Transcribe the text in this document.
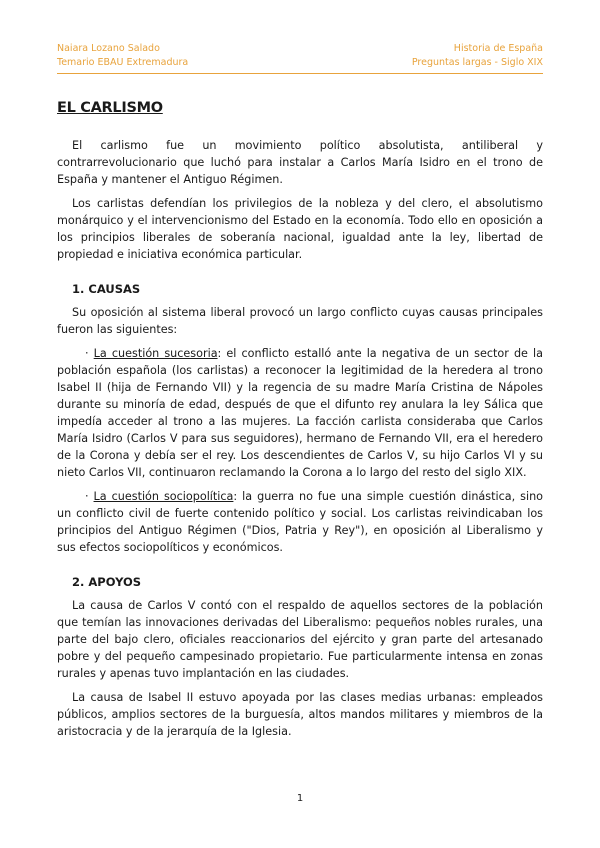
Naiara Lozano Salado
Temario EBAU Extremadura
Historia de España
Preguntas largas - Siglo XIX
EL CARLISMO

El carlismo fue un movimiento político absolutista, antiliberal y contrarrevolucionario que luchó para instalar a Carlos María Isidro en el trono de España y mantener el Antiguo Régimen.

Los carlistas defendían los privilegios de la nobleza y del clero, el absolutismo monárquico y el intervencionismo del Estado en la economía. Todo ello en oposición a los principios liberales de soberanía nacional, igualdad ante la ley, libertad de propiedad e iniciativa económica particular.

1. CAUSAS

Su oposición al sistema liberal provocó un largo conflicto cuyas causas principales fueron las siguientes:

· La cuestión sucesoria: el conflicto estalló ante la negativa de un sector de la población española (los carlistas) a reconocer la legitimidad de la heredera al trono Isabel II (hija de Fernando VII) y la regencia de su madre María Cristina de Nápoles durante su minoría de edad, después de que el difunto rey anulara la ley Sálica que impedía acceder al trono a las mujeres. La facción carlista consideraba que Carlos María Isidro (Carlos V para sus seguidores), hermano de Fernando VII, era el heredero de la Corona y debía ser el rey. Los descendientes de Carlos V, su hijo Carlos VI y su nieto Carlos VII, continuaron reclamando la Corona a lo largo del resto del siglo XIX.

· La cuestión sociopolítica: la guerra no fue una simple cuestión dinástica, sino un conflicto civil de fuerte contenido político y social. Los carlistas reivindicaban los principios del Antiguo Régimen ("Dios, Patria y Rey"), en oposición al Liberalismo y sus efectos sociopolíticos y económicos.

2. APOYOS

La causa de Carlos V contó con el respaldo de aquellos sectores de la población que temían las innovaciones derivadas del Liberalismo: pequeños nobles rurales, una parte del bajo clero, oficiales reaccionarios del ejército y gran parte del artesanado pobre y del pequeño campesinado propietario. Fue particularmente intensa en zonas rurales y apenas tuvo implantación en las ciudades.

La causa de Isabel II estuvo apoyada por las clases medias urbanas: empleados públicos, amplios sectores de la burguesía, altos mandos militares y miembros de la aristocracia y de la jerarquía de la Iglesia.

1
